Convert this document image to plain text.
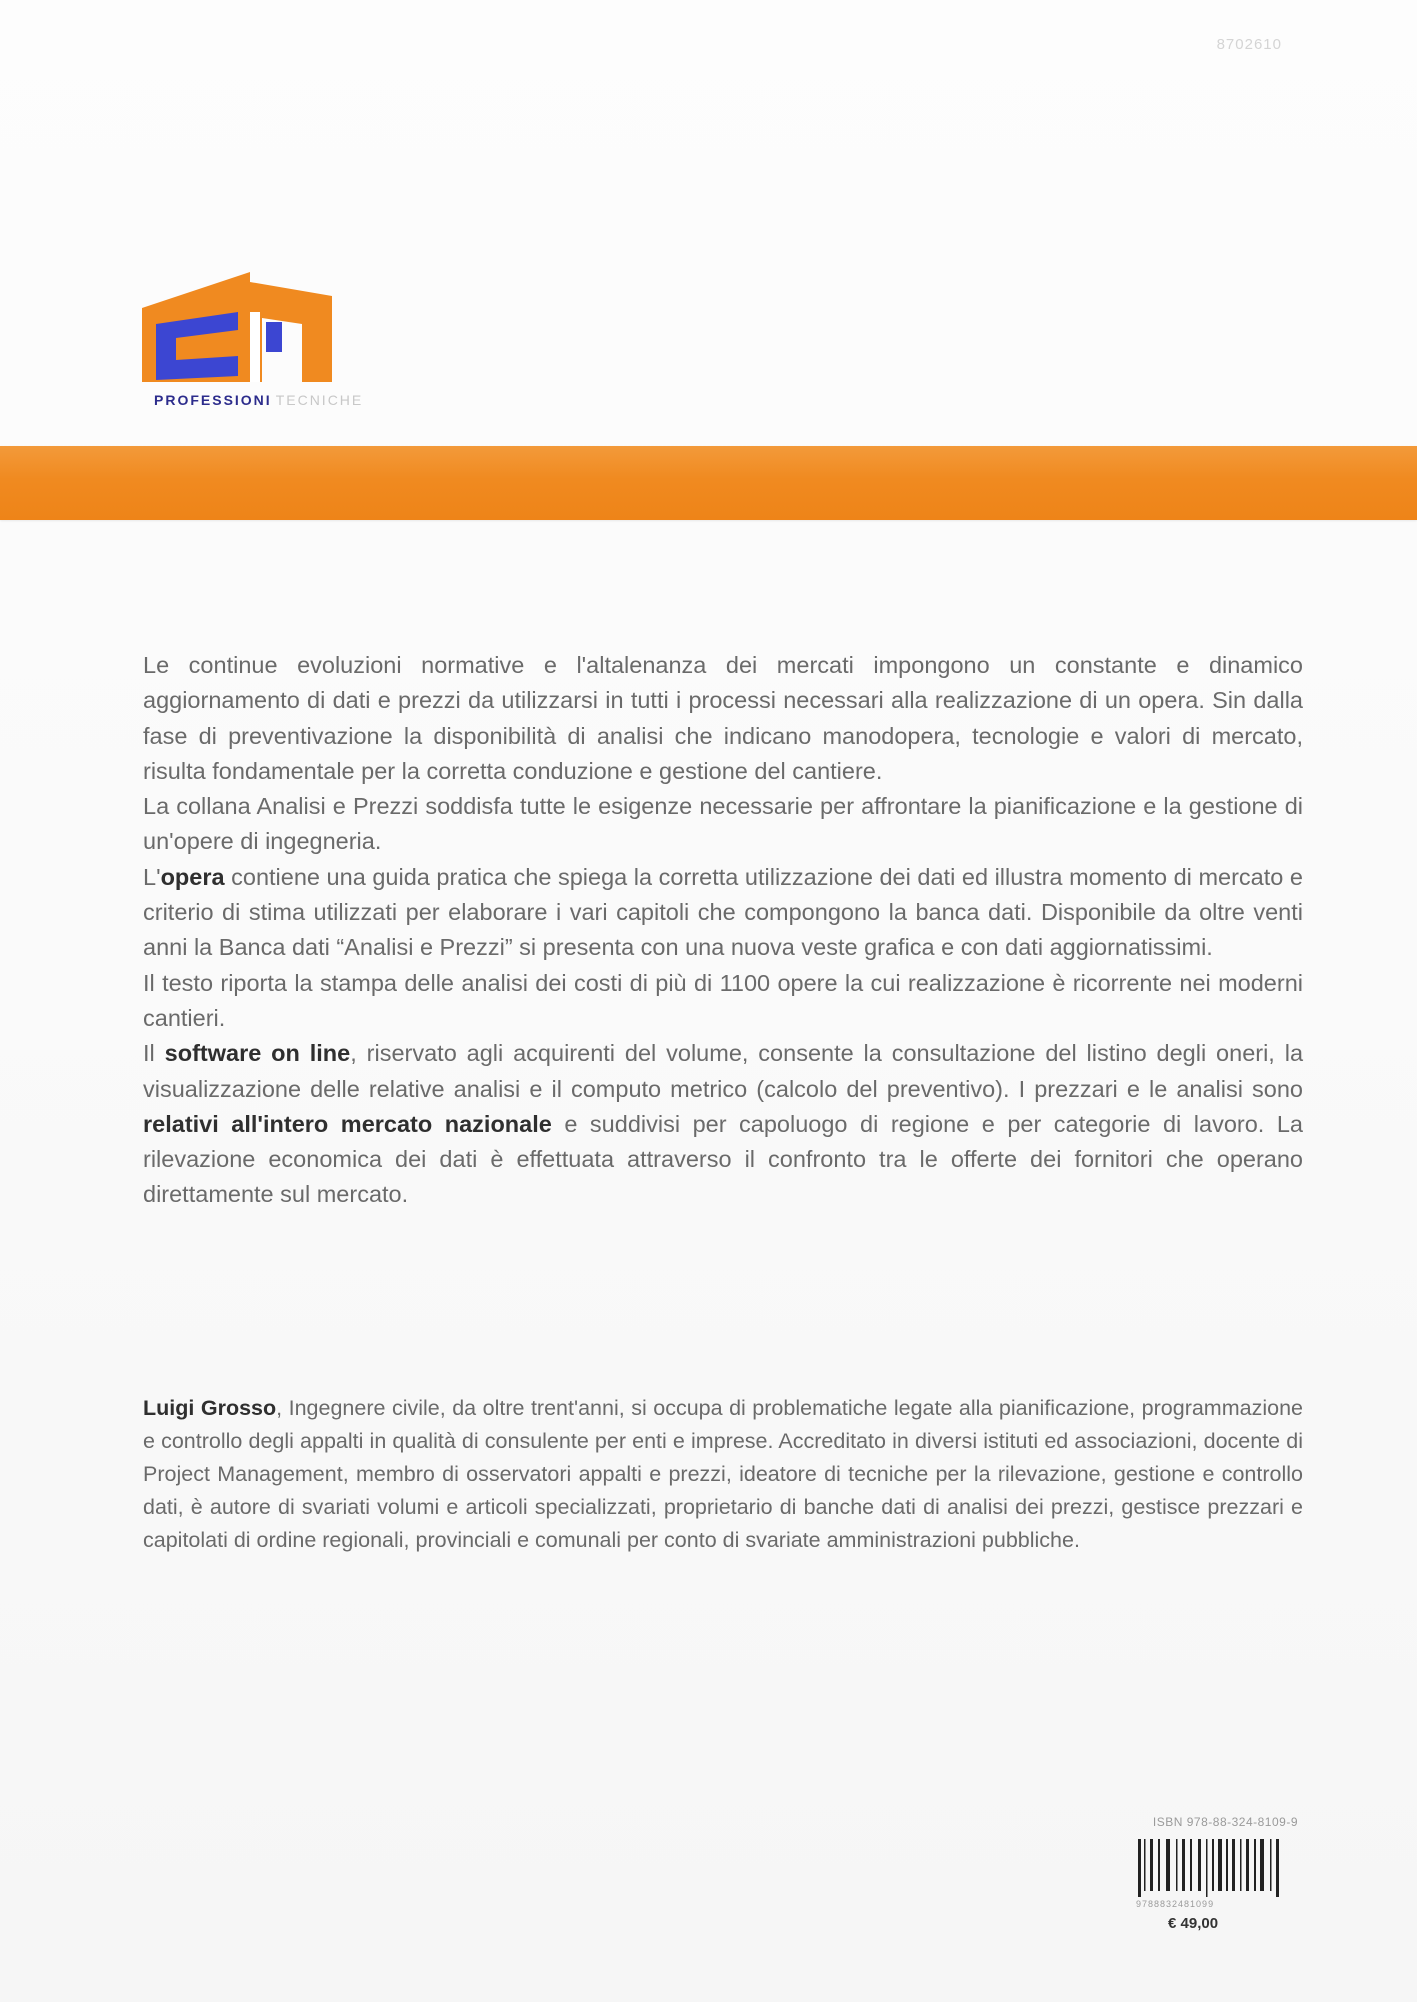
8702610
PROFESSIONI TECNICHE

Le continue evoluzioni normative e l'altalenanza dei mercati impongono un constante e dinamico aggiornamento di dati e prezzi da utilizzarsi in tutti i processi necessari alla realizzazione di un opera. Sin dalla fase di preventivazione la disponibilità di analisi che indicano manodopera, tecnologie e valori di mercato, risulta fondamentale per la corretta conduzione e gestione del cantiere.

La collana Analisi e Prezzi soddisfa tutte le esigenze necessarie per affrontare la pianificazione e la gestione di un'opere di ingegneria.

L'opera contiene una guida pratica che spiega la corretta utilizzazione dei dati ed illustra momento di mercato e criterio di stima utilizzati per elaborare i vari capitoli che compongono la banca dati. Disponibile da oltre venti anni la Banca dati “Analisi e Prezzi” si presenta con una nuova veste grafica e con dati aggiornatissimi.

Il testo riporta la stampa delle analisi dei costi di più di 1100 opere la cui realizzazione è ricorrente nei moderni cantieri.

Il software on line, riservato agli acquirenti del volume, consente la consultazione del listino degli oneri, la visualizzazione delle relative analisi e il computo metrico (calcolo del preventivo). I prezzari e le analisi sono relativi all'intero mercato nazionale e suddivisi per capoluogo di regione e per categorie di lavoro. La rilevazione economica dei dati è effettuata attraverso il confronto tra le offerte dei fornitori che operano direttamente sul mercato.

Luigi Grosso, Ingegnere civile, da oltre trent'anni, si occupa di problematiche legate alla pianificazione, programmazione e controllo degli appalti in qualità di consulente per enti e imprese. Accreditato in diversi istituti ed associazioni, docente di Project Management, membro di osservatori appalti e prezzi, ideatore di tecniche per la rilevazione, gestione e controllo dati, è autore di svariati volumi e articoli specializzati, proprietario di banche dati di analisi dei prezzi, gestisce prezzari e capitolati di ordine regionali, provinciali e comunali per conto di svariate amministrazioni pubbliche.

ISBN 978-88-324-8109-9
9788832481099
€ 49,00
